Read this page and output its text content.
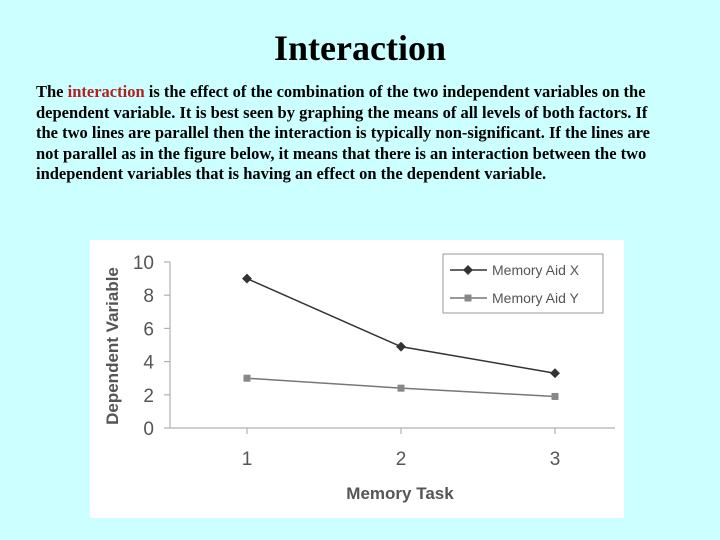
Interaction
The interaction is the effect of the combination of the two independent variables on the dependent variable. It is best seen by graphing the means of all levels of both factors. If the two lines are parallel then the interaction is typically non-significant. If the lines are not parallel as in the figure below, it means that there is an interaction between the two independent variables that is having an effect on the dependent variable.
0
2
4
6
8
10
1	2	3
Dependent Variable
Memory Task
Memory Aid X
Memory Aid Y
